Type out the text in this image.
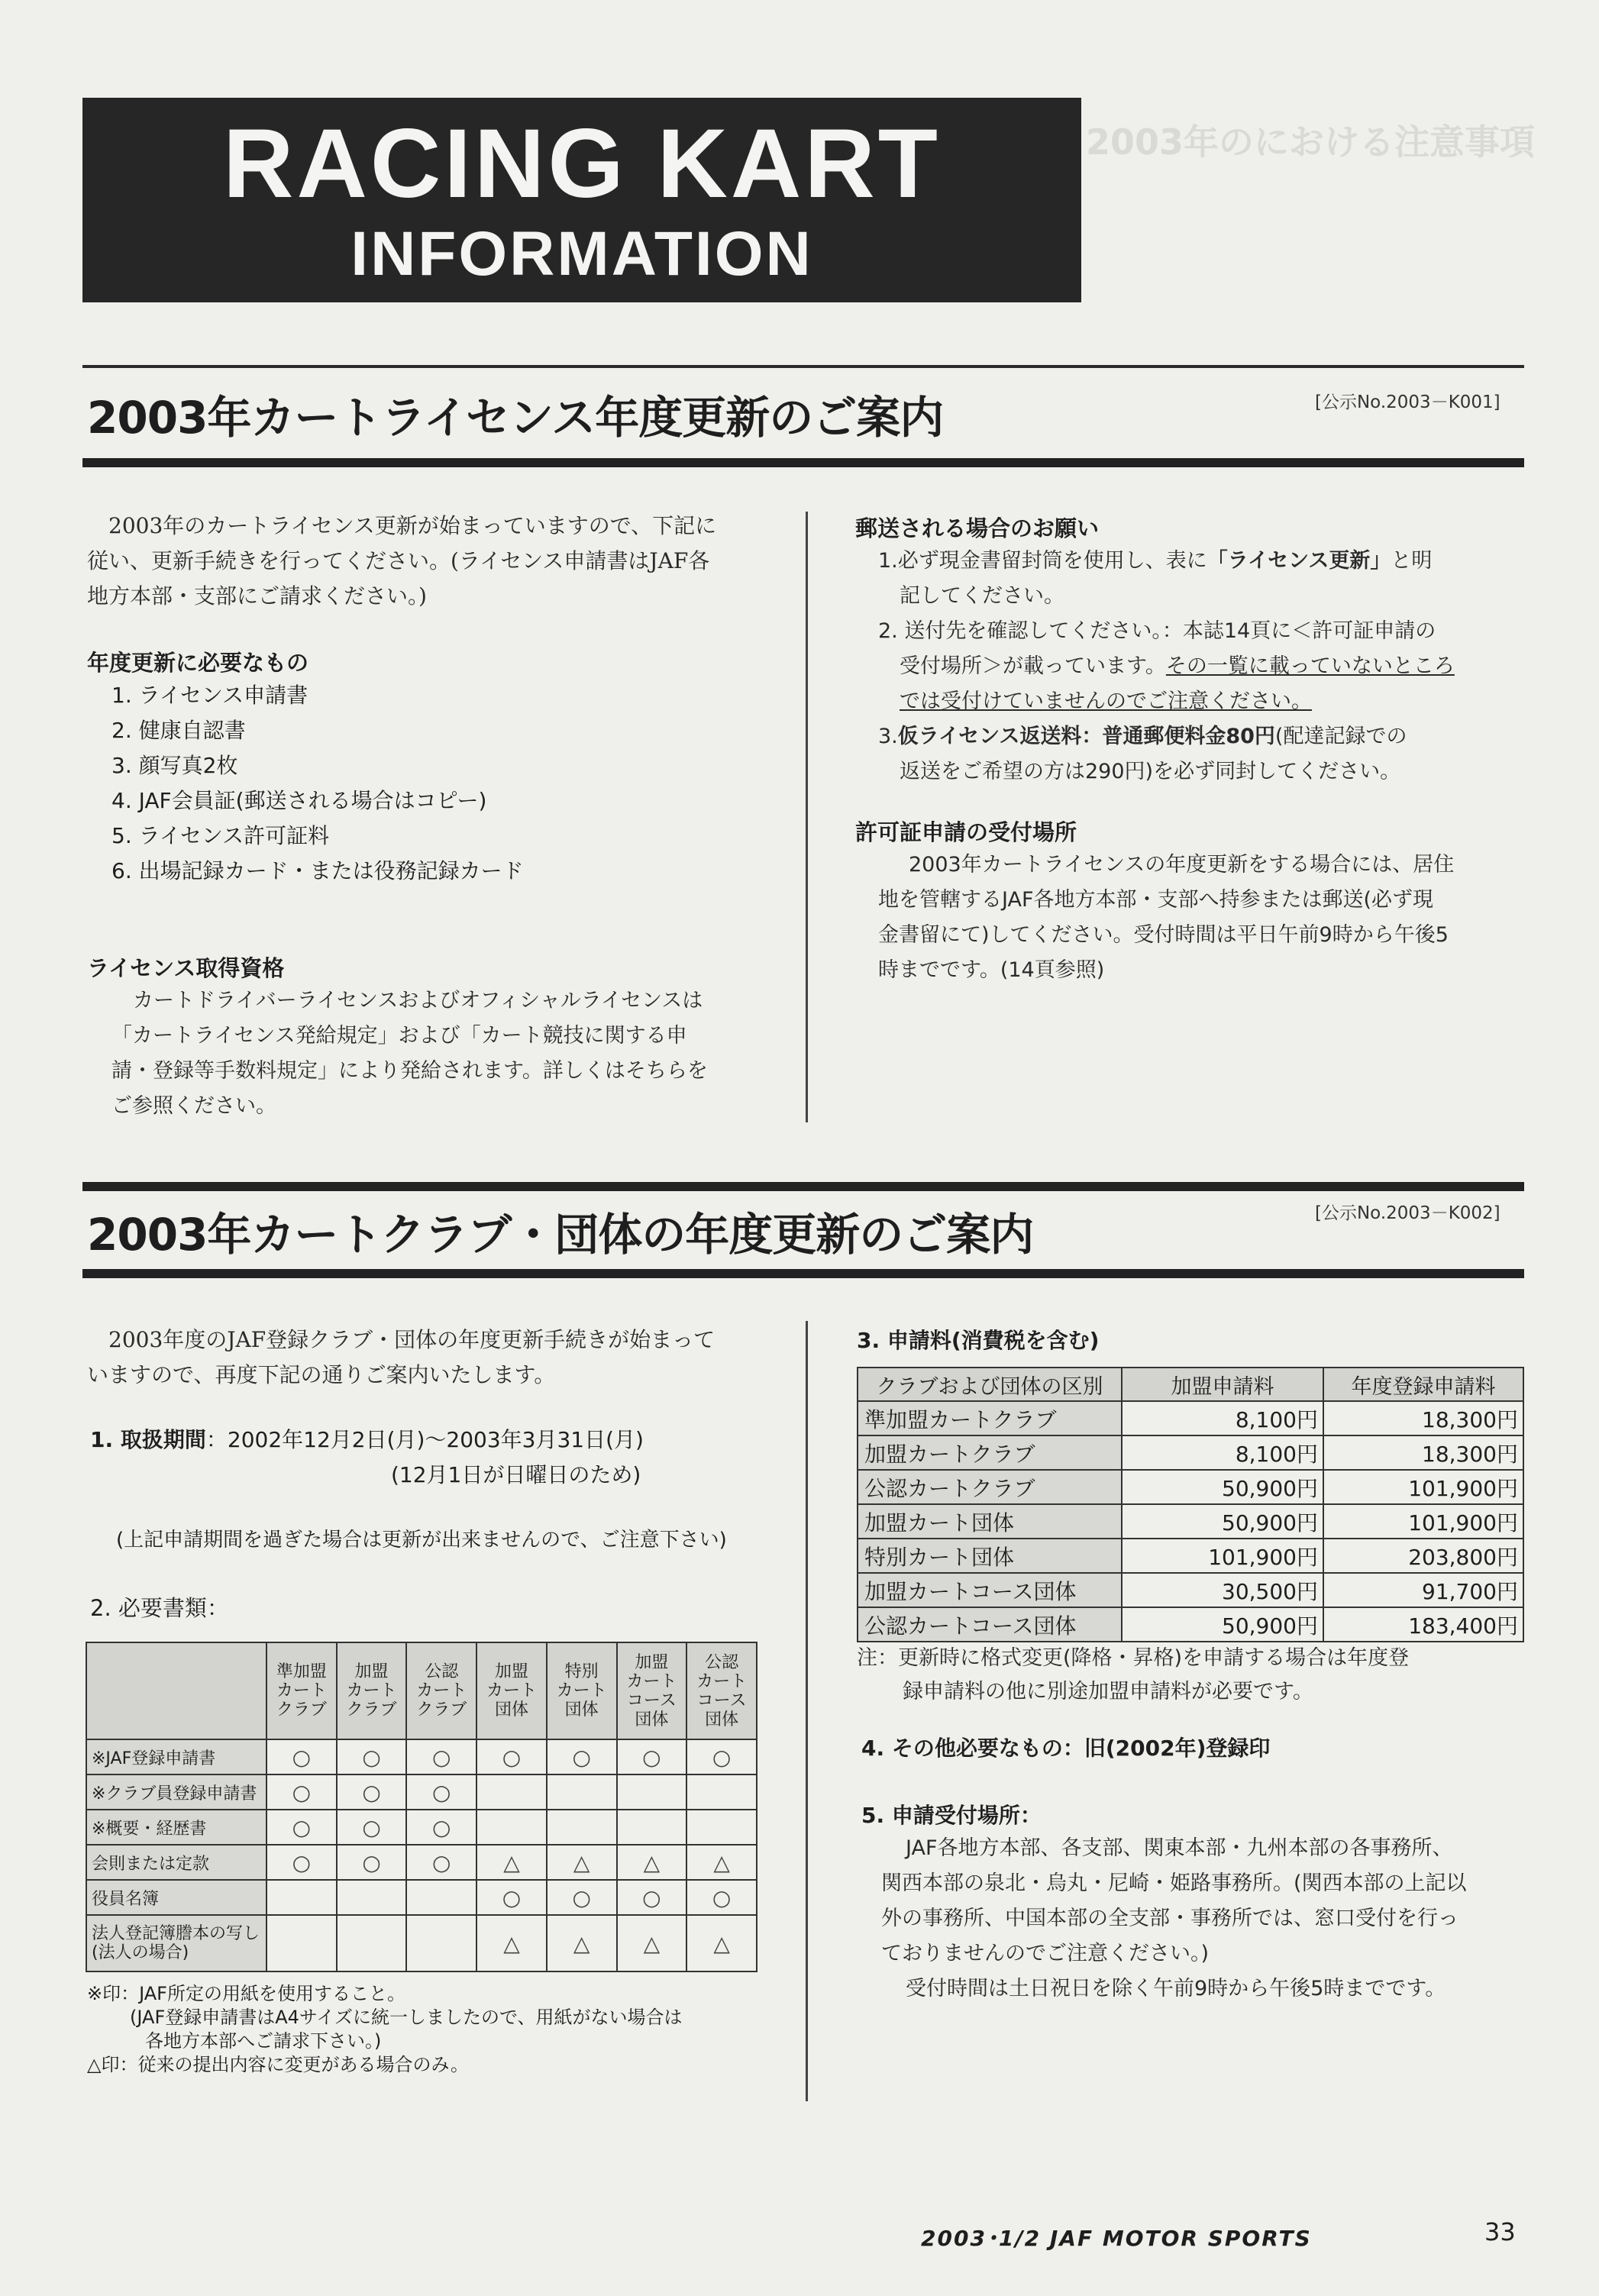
RACING KART
INFORMATION
2003年のにおける注意事項
2003年カートライセンス年度更新のご案内	[公示No.2003－K001]

2003年のカートライセンス更新が始まっていますので、下記に

従い、更新手続きを行ってください。(ライセンス申請書はJAF各

地方本部・支部にご請求ください。)

年度更新に必要なもの
1. ライセンス申請書
2. 健康自認書
3. 顔写真2枚
4. JAF会員証(郵送される場合はコピー)
5. ライセンス許可証料
6. 出場記録カード・または役務記録カード
ライセンス取得資格

カートドライバーライセンスおよびオフィシャルライセンスは

「カートライセンス発給規定」および「カート競技に関する申

請・登録等手数料規定」により発給されます。詳しくはそちらを

ご参照ください。

郵送される場合のお願い

1.必ず現金書留封筒を使用し、表に「ライセンス更新」と明

記してください。

2. 送付先を確認してください。：本誌14頁に＜許可証申請の

受付場所＞が載っています。その一覧に載っていないところ

では受付けていませんのでご注意ください。

3.仮ライセンス返送料：普通郵便料金80円(配達記録での

返送をご希望の方は290円)を必ず同封してください。

許可証申請の受付場所

2003年カートライセンスの年度更新をする場合には、居住

地を管轄するJAF各地方本部・支部へ持参または郵送(必ず現

金書留にて)してください。受付時間は平日午前9時から午後5

時までです。(14頁参照)

2003年カートクラブ・団体の年度更新のご案内	[公示No.2003－K002]

2003年度のJAF登録クラブ・団体の年度更新手続きが始まって

いますので、再度下記の通りご案内いたします。

1. 取扱期間：2002年12月2日(月)～2003年3月31日(月)
(12月1日が日曜日のため)
(上記申請期間を過ぎた場合は更新が出来ませんので、ご注意下さい)
2. 必要書類：
	準加盟
カート
クラブ	加盟
カート
クラブ	公認
カート
クラブ	加盟
カート
団体	特別
カート
団体	加盟
カート
コース
団体	公認
カート
コース
団体
※JAF登録申請書	○	○	○	○	○	○	○
※クラブ員登録申請書	○	○	○				
※概要・経歴書	○	○	○				
会則または定款	○	○	○	△	△	△	△
役員名簿				○	○	○	○
法人登記簿謄本の写し
(法人の場合)				△	△	△	△
※印：JAF所定の用紙を使用すること。
(JAF登録申請書はA4サイズに統一しましたので、用紙がない場合は
各地方本部へご請求下さい。)
△印：従来の提出内容に変更がある場合のみ。
3. 申請料(消費税を含む)
クラブおよび団体の区別	加盟申請料	年度登録申請料
準加盟カートクラブ	8,100円	18,300円
加盟カートクラブ	8,100円	18,300円
公認カートクラブ	50,900円	101,900円
加盟カート団体	50,900円	101,900円
特別カート団体	101,900円	203,800円
加盟カートコース団体	30,500円	91,700円
公認カートコース団体	50,900円	183,400円

注：更新時に格式変更(降格・昇格)を申請する場合は年度登

録申請料の他に別途加盟申請料が必要です。

4. その他必要なもの：旧(2002年)登録印
5. 申請受付場所：

JAF各地方本部、各支部、関東本部・九州本部の各事務所、

関西本部の泉北・烏丸・尼崎・姫路事務所。(関西本部の上記以

外の事務所、中国本部の全支部・事務所では、窓口受付を行っ

ておりませんのでご注意ください。)

受付時間は土日祝日を除く午前9時から午後5時までです。

2003･1/2 JAF MOTOR SPORTS	33
